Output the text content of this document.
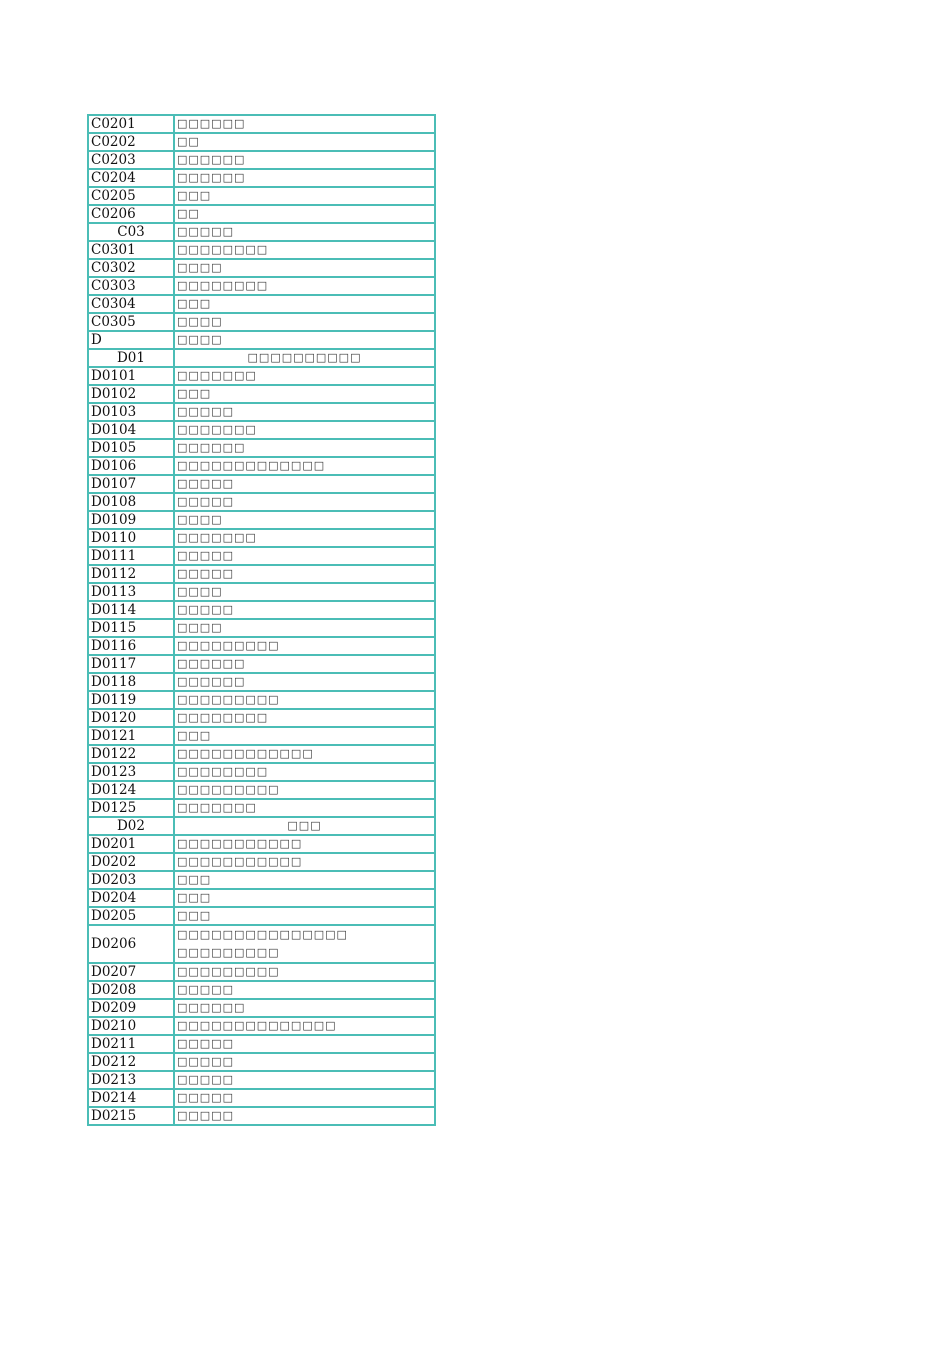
C0201	□□□□□□
C0202	□□
C0203	□□□□□□
C0204	□□□□□□
C0205	□□□
C0206	□□
C03	□□□□□
C0301	□□□□□□□□
C0302	□□□□
C0303	□□□□□□□□
C0304	□□□
C0305	□□□□
D	□□□□
D01	□□□□□□□□□□
D0101	□□□□□□□
D0102	□□□
D0103	□□□□□
D0104	□□□□□□□
D0105	□□□□□□
D0106	□□□□□□□□□□□□□
D0107	□□□□□
D0108	□□□□□
D0109	□□□□
D0110	□□□□□□□
D0111	□□□□□
D0112	□□□□□
D0113	□□□□
D0114	□□□□□
D0115	□□□□
D0116	□□□□□□□□□
D0117	□□□□□□
D0118	□□□□□□
D0119	□□□□□□□□□
D0120	□□□□□□□□
D0121	□□□
D0122	□□□□□□□□□□□□
D0123	□□□□□□□□
D0124	□□□□□□□□□
D0125	□□□□□□□
D02	□□□
D0201	□□□□□□□□□□□
D0202	□□□□□□□□□□□
D0203	□□□
D0204	□□□
D0205	□□□
D0206	□□□□□□□□□□□□□□□ □□□□□□□□□
D0207	□□□□□□□□□
D0208	□□□□□
D0209	□□□□□□
D0210	□□□□□□□□□□□□□□
D0211	□□□□□
D0212	□□□□□
D0213	□□□□□
D0214	□□□□□
D0215	□□□□□
